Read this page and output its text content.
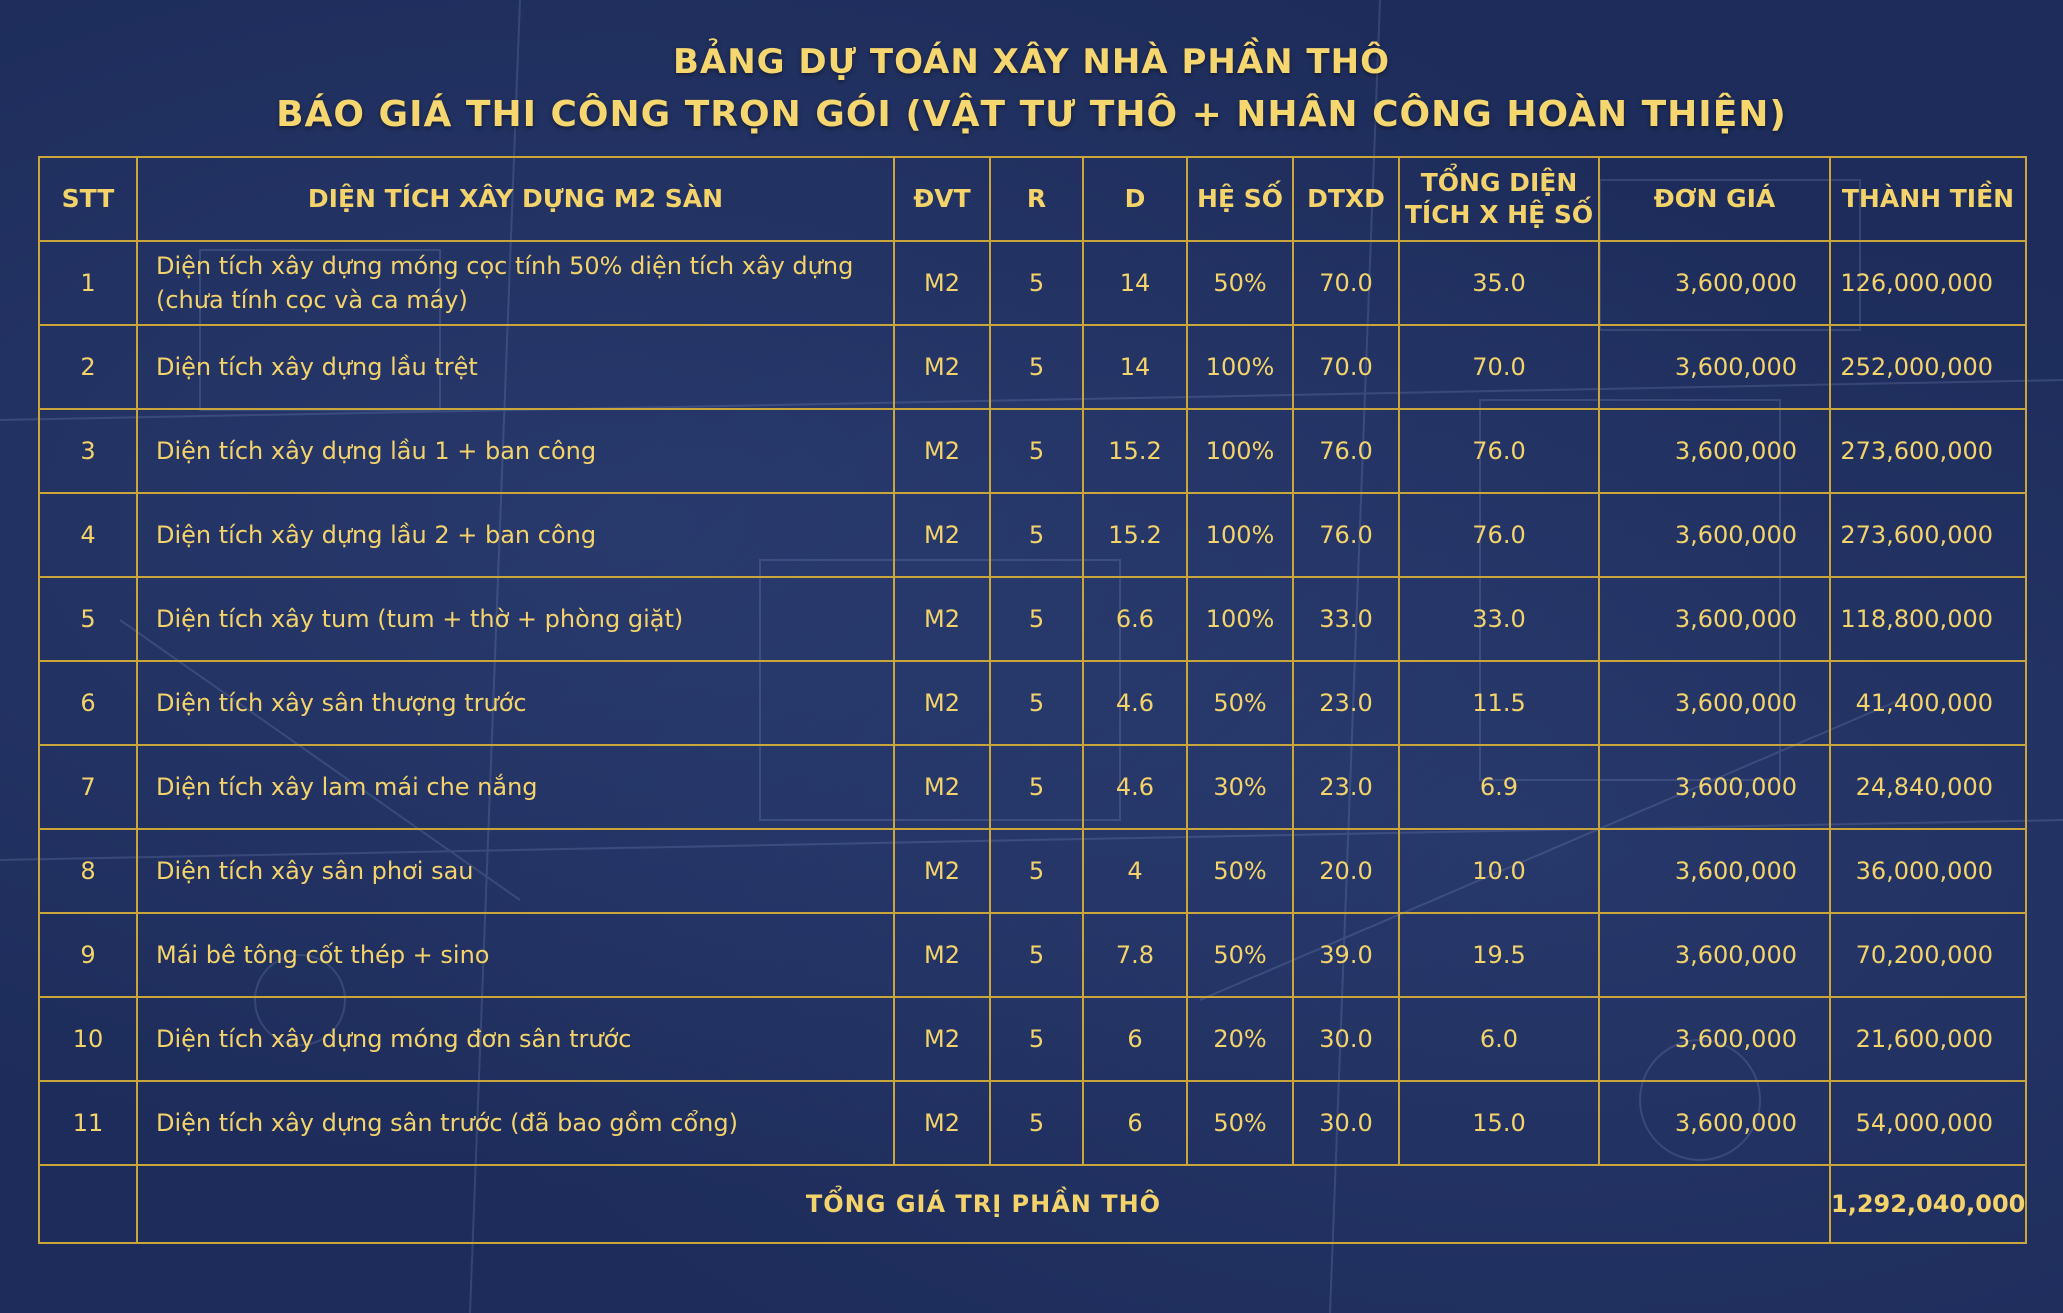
BẢNG DỰ TOÁN XÂY NHÀ PHẦN THÔ
BÁO GIÁ THI CÔNG TRỌN GÓI (VẬT TƯ THÔ + NHÂN CÔNG HOÀN THIỆN)
STT	DIỆN TÍCH XÂY DỰNG M2 SÀN	ĐVT	R	D	HỆ SỐ	DTXD	TỔNG DIỆN
TÍCH X HỆ SỐ	ĐƠN GIÁ	THÀNH TIỀN
1	Diện tích xây dựng móng cọc tính 50% diện tích xây dựng
(chưa tính cọc và ca máy)	M2	5	14	50%	70.0	35.0	3,600,000	126,000,000
2	Diện tích xây dựng lầu trệt	M2	5	14	100%	70.0	70.0	3,600,000	252,000,000
3	Diện tích xây dựng lầu 1 + ban công	M2	5	15.2	100%	76.0	76.0	3,600,000	273,600,000
4	Diện tích xây dựng lầu 2 + ban công	M2	5	15.2	100%	76.0	76.0	3,600,000	273,600,000
5	Diện tích xây tum (tum + thờ + phòng giặt)	M2	5	6.6	100%	33.0	33.0	3,600,000	118,800,000
6	Diện tích xây sân thượng trước	M2	5	4.6	50%	23.0	11.5	3,600,000	41,400,000
7	Diện tích xây lam mái che nắng	M2	5	4.6	30%	23.0	6.9	3,600,000	24,840,000
8	Diện tích xây sân phơi sau	M2	5	4	50%	20.0	10.0	3,600,000	36,000,000
9	Mái bê tông cốt thép + sino	M2	5	7.8	50%	39.0	19.5	3,600,000	70,200,000
10	Diện tích xây dựng móng đơn sân trước	M2	5	6	20%	30.0	6.0	3,600,000	21,600,000
11	Diện tích xây dựng sân trước (đã bao gồm cổng)	M2	5	6	50%	30.0	15.0	3,600,000	54,000,000
	TỔNG GIÁ TRỊ PHẦN THÔ								1,292,040,000
